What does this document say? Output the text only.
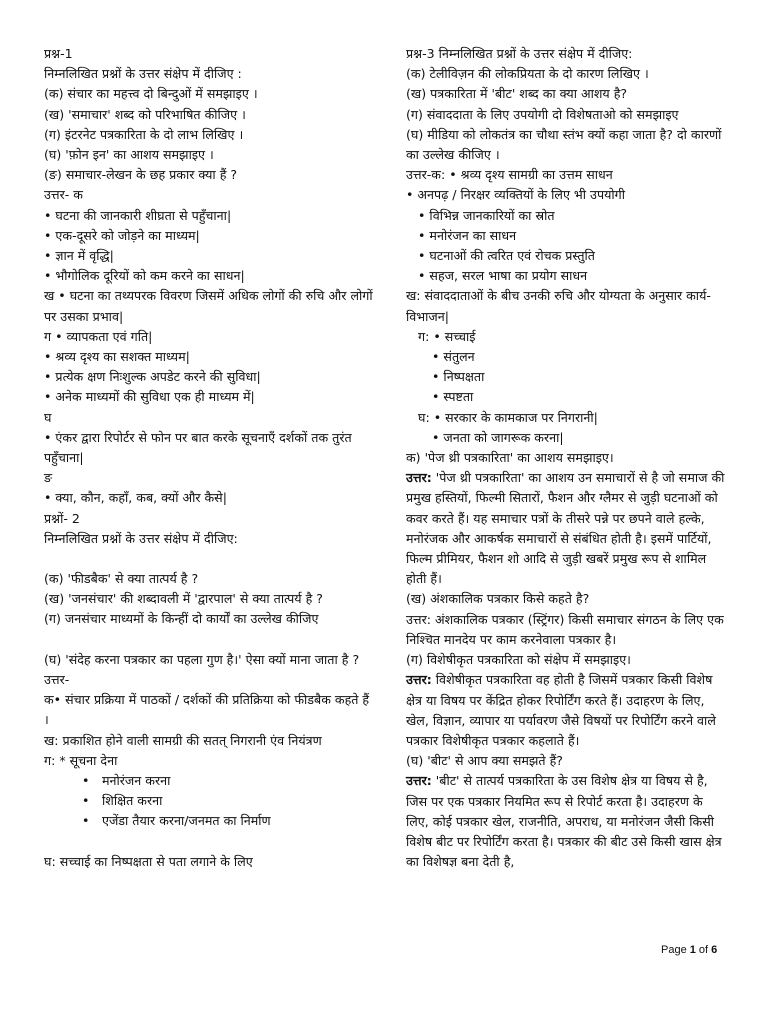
प्रश्न-1
निम्नलिखित प्रश्नों के उत्तर संक्षेप में दीजिए :
(क) संचार का महत्त्व दो बिन्दुओं में समझाइए ।
(ख) 'समाचार' शब्द को परिभाषित कीजिए ।
(ग) इंटरनेट पत्रकारिता के दो लाभ लिखिए ।
(घ) 'फ़ोन इन' का आशय समझाइए ।
(ङ) समाचार-लेखन के छह प्रकार क्या हैं ?
उत्तर- क
• घटना की जानकारी शीघ्रता से पहुँचाना|
• एक-दूसरे को जोड़ने का माध्यम|
• ज्ञान में वृद्धि|
• भौगोलिक दूरियों को कम करने का साधन|
ख • घटना का तथ्यपरक विवरण जिसमें अधिक लोगों की रुचि और लोगों पर उसका प्रभाव|
ग • व्यापकता एवं गति|
• श्रव्य दृश्य का सशक्त माध्यम|
• प्रत्येक क्षण निःशुल्क अपडेट करने की सुविधा|
• अनेक माध्यमों की सुविधा एक ही माध्यम में|
घ
• एंकर द्वारा रिपोर्टर से फोन पर बात करके सूचनाएँ दर्शकों तक तुरंत पहुँचाना|
ङ
• क्या, कौन, कहाँ, कब, क्यों और कैसे|
प्रश्नों- 2
निम्नलिखित प्रश्नों के उत्तर संक्षेप में दीजिए:
(क) 'फीडबैक' से क्या तात्पर्य है ?
(ख) 'जनसंचार' की शब्दावली में 'द्वारपाल' से क्या तात्पर्य है ?
(ग) जनसंचार माध्यमों के किन्हीं दो कार्यों का उल्लेख कीजिए
(घ) 'संदेह करना पत्रकार का पहला गुण है।' ऐसा क्यों माना जाता है ?
उत्तर-
क• संचार प्रक्रिया में पाठकों / दर्शकों की प्रतिक्रिया को फीडबैक कहते हैं ।
ख: प्रकाशित होने वाली सामग्री की सतत् निगरानी एंव नियंत्रण
ग: * सूचना देना
• मनोरंजन करना
• शिक्षित करना
• एजेंडा तैयार करना/जनमत का निर्माण
घ: सच्चाई का निष्पक्षता से पता लगाने के लिए
प्रश्न-3 निम्नलिखित प्रश्नों के उत्तर संक्षेप में दीजिए:
(क) टेलीविज़न की लोकप्रियता के दो कारण लिखिए ।
(ख) पत्रकारिता में 'बीट' शब्द का क्या आशय है?
(ग) संवाददाता के लिए उपयोगी दो विशेषताओ को समझाइए
(घ) मीडिया को लोकतंत्र का चौथा स्तंभ क्यों कहा जाता है? दो कारणों का उल्लेख कीजिए ।
उत्तर-क: • श्रव्य दृश्य सामग्री का उत्तम साधन
• अनपढ़ / निरक्षर व्यक्तियों के लिए भी उपयोगी
• विभिन्न जानकारियों का स्रोत
• मनोरंजन का साधन
• घटनाओं की त्वरित एवं रोचक प्रस्तुति
• सहज, सरल भाषा का प्रयोग साधन
ख: संवाददाताओं के बीच उनकी रुचि और योग्यता के अनुसार कार्य-विभाजन|
ग: • सच्चाई
• संतुलन
• निष्पक्षता
• स्पष्टता
घ: • सरकार के कामकाज पर निगरानी|
• जनता को जागरूक करना|
क) 'पेज थ्री पत्रकारिता' का आशय समझाइए।
उत्तर: 'पेज थ्री पत्रकारिता' का आशय उन समाचारों से है जो समाज की प्रमुख हस्तियों, फिल्मी सितारों, फैशन और ग्लैमर से जुड़ी घटनाओं को कवर करते हैं। यह समाचार पत्रों के तीसरे पन्ने पर छपने वाले हल्के, मनोरंजक और आकर्षक समाचारों से संबंधित होती है। इसमें पार्टियों, फिल्म प्रीमियर, फैशन शो आदि से जुड़ी खबरें प्रमुख रूप से शामिल होती हैं।
(ख) अंशकालिक पत्रकार किसे कहते है?
उत्तर: अंशकालिक पत्रकार (स्ट्रिंगर) किसी समाचार संगठन के लिए एक निश्चित मानदेय पर काम करनेवाला पत्रकार है।
(ग) विशेषीकृत पत्रकारिता को संक्षेप में समझाइए।
उत्तर: विशेषीकृत पत्रकारिता वह होती है जिसमें पत्रकार किसी विशेष क्षेत्र या विषय पर केंद्रित होकर रिपोर्टिंग करते हैं। उदाहरण के लिए, खेल, विज्ञान, व्यापार या पर्यावरण जैसे विषयों पर रिपोर्टिंग करने वाले पत्रकार विशेषीकृत पत्रकार कहलाते हैं।
(घ) 'बीट' से आप क्या समझते हैं?
उत्तर: 'बीट' से तात्पर्य पत्रकारिता के उस विशेष क्षेत्र या विषय से है, जिस पर एक पत्रकार नियमित रूप से रिपोर्ट करता है। उदाहरण के लिए, कोई पत्रकार खेल, राजनीति, अपराध, या मनोरंजन जैसी किसी विशेष बीट पर रिपोर्टिंग करता है। पत्रकार की बीट उसे किसी खास क्षेत्र का विशेषज्ञ बना देती है,
Page 1 of 6
